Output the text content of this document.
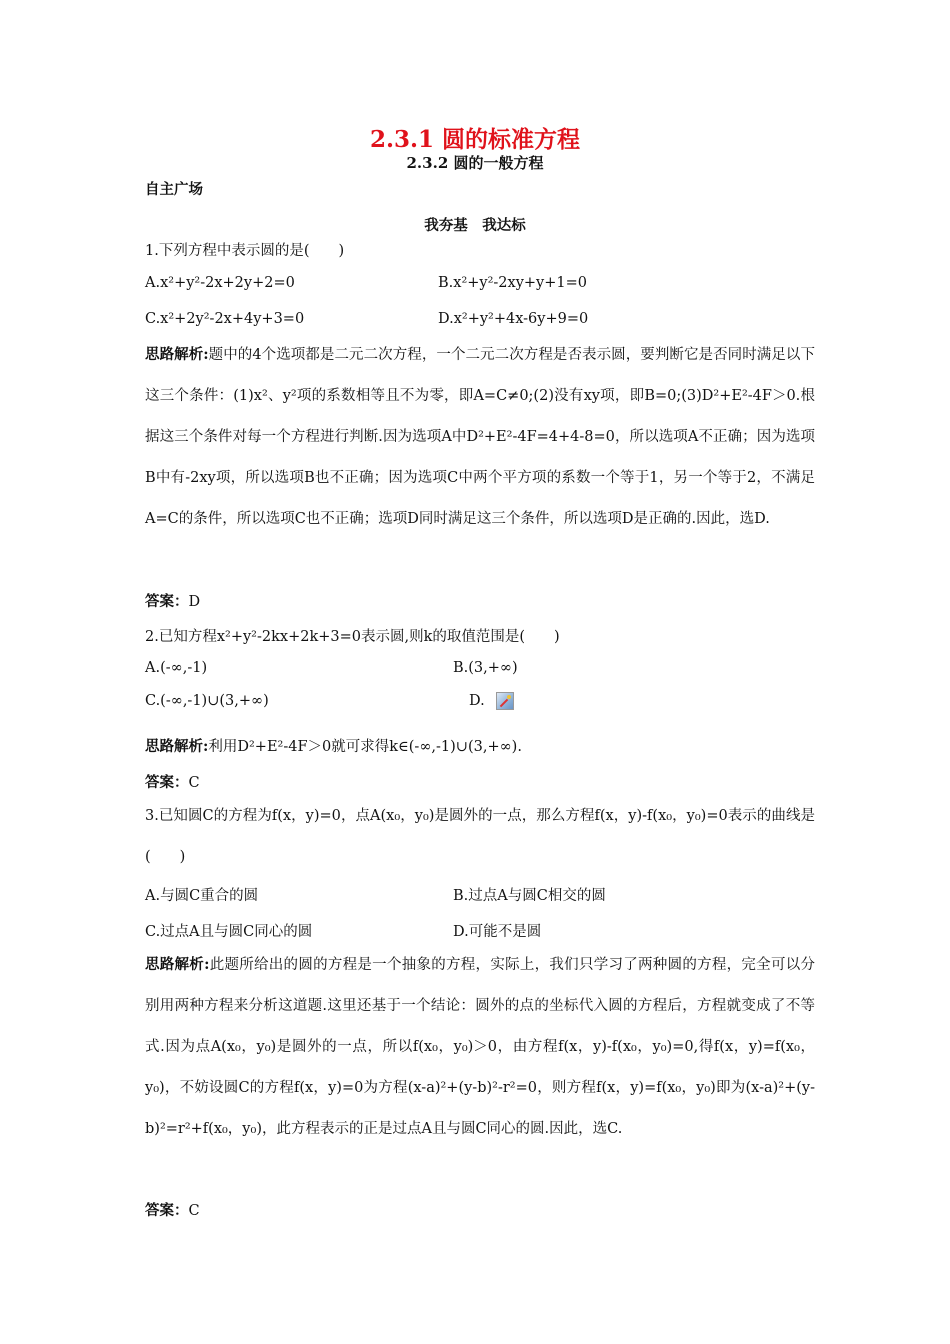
2.3.1 圆的标准方程
2.3.2 圆的一般方程
自主广场
我夯基　我达标
1.下列方程中表示圆的是(　　)
A.x²+y²-2x+2y+2=0	B.x²+y²-2xy+y+1=0
C.x²+2y²-2x+4y+3=0	D.x²+y²+4x-6y+9=0
思路解析:题中的4个选项都是二元二次方程，一个二元二次方程是否表示圆，要判断它是否同时满足以下这三个条件：(1)x²、y²项的系数相等且不为零，即A=C≠0;(2)没有xy项，即B=0;(3)D²+E²-4F＞0.根据这三个条件对每一个方程进行判断.因为选项A中D²+E²-4F=4+4-8=0，所以选项A不正确；因为选项B中有-2xy项，所以选项B也不正确；因为选项C中两个平方项的系数一个等于1，另一个等于2，不满足A=C的条件，所以选项C也不正确；选项D同时满足这三个条件，所以选项D是正确的.因此，选D.
答案：D
2.已知方程x²+y²-2kx+2k+3=0表示圆,则k的取值范围是(　　)
A.(-∞,-1)	B.(3,+∞)
C.(-∞,-1)∪(3,+∞)	D.
思路解析:利用D²+E²-4F＞0就可求得k∈(-∞,-1)∪(3,+∞).
答案：C
3.已知圆C的方程为f(x，y)=0，点A(x₀，y₀)是圆外的一点，那么方程f(x，y)-f(x₀，y₀)=0表示的曲线是(　　)
A.与圆C重合的圆	B.过点A与圆C相交的圆
C.过点A且与圆C同心的圆	D.可能不是圆
思路解析:此题所给出的圆的方程是一个抽象的方程，实际上，我们只学习了两种圆的方程，完全可以分别用两种方程来分析这道题.这里还基于一个结论：圆外的点的坐标代入圆的方程后，方程就变成了不等式.因为点A(x₀，y₀)是圆外的一点，所以f(x₀，y₀)＞0，由方程f(x，y)-f(x₀，y₀)=0,得f(x，y)=f(x₀，y₀)，不妨设圆C的方程f(x，y)=0为方程(x-a)²+(y-b)²-r²=0，则方程f(x，y)=f(x₀，y₀)即为(x-a)²+(y-b)²=r²+f(x₀，y₀)，此方程表示的正是过点A且与圆C同心的圆.因此，选C.
答案：C
